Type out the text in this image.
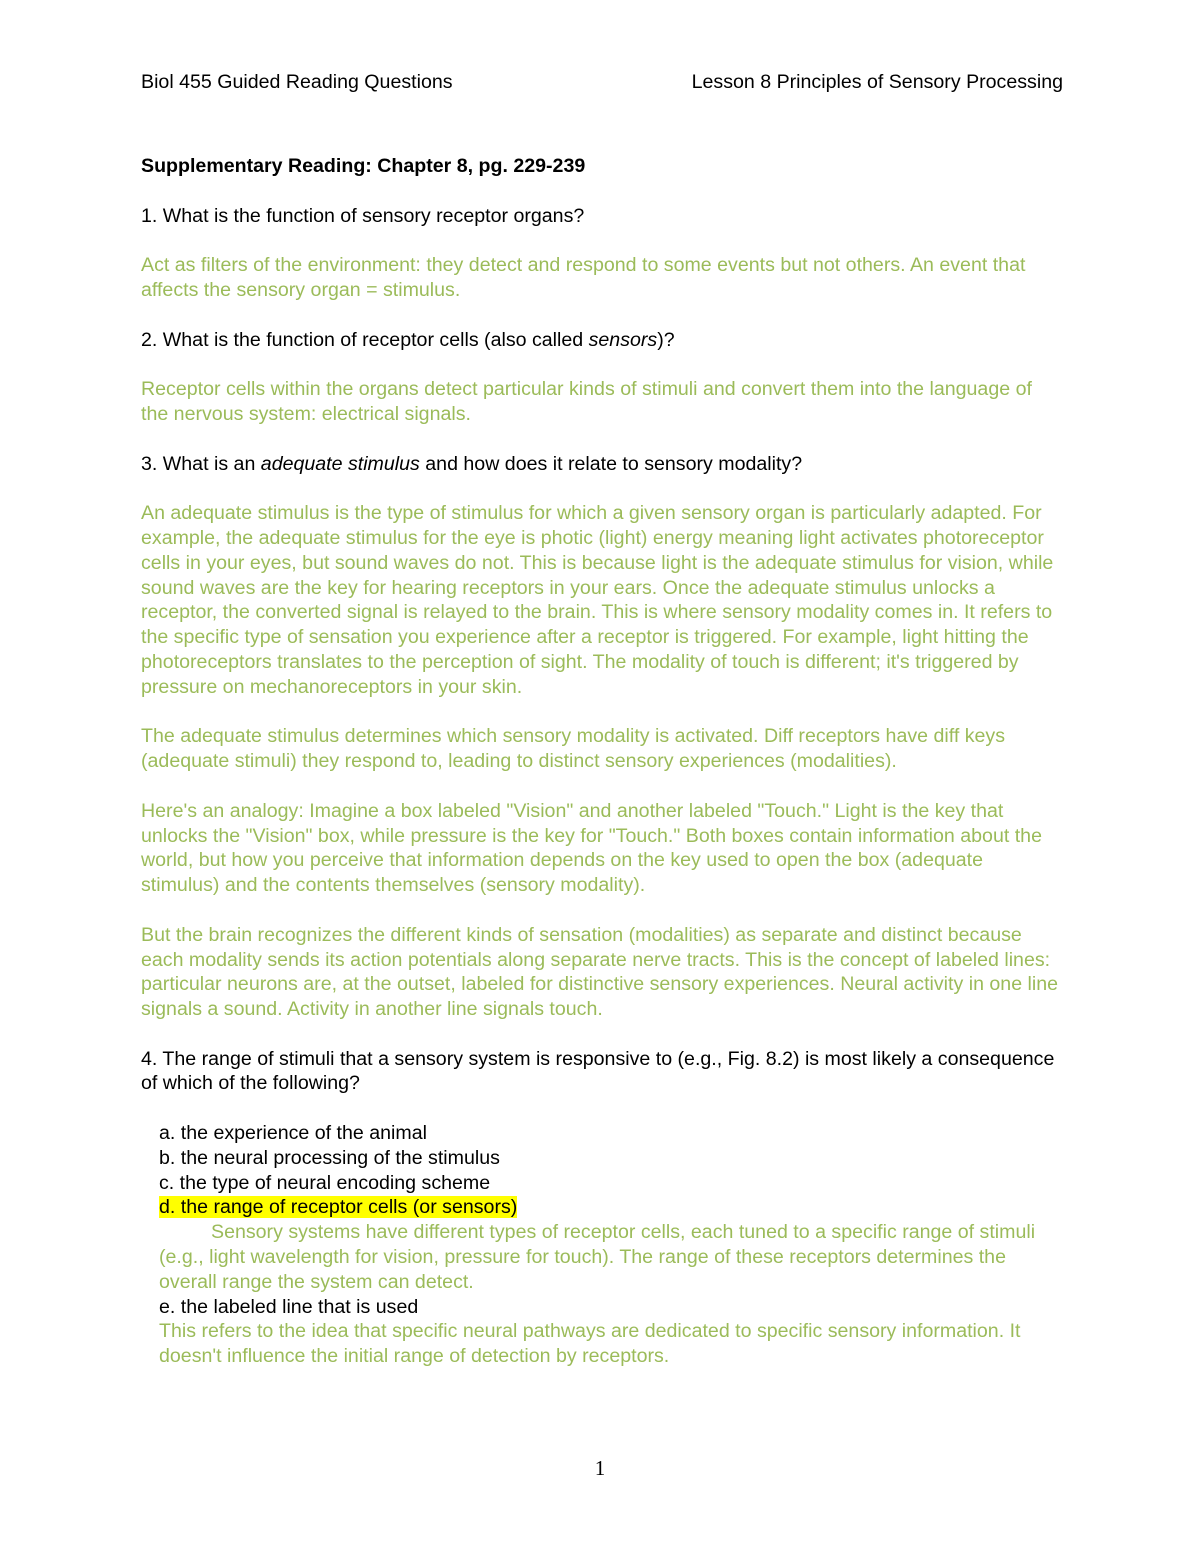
Biol 455 Guided Reading Questions	Lesson 8 Principles of Sensory Processing

Supplementary Reading: Chapter 8, pg. 229-239

1. What is the function of sensory receptor organs?

Act as filters of the environment: they detect and respond to some events but not others. An event that affects the sensory organ = stimulus.

2. What is the function of receptor cells (also called sensors)?

Receptor cells within the organs detect particular kinds of stimuli and convert them into the language of the nervous system: electrical signals.

3. What is an adequate stimulus and how does it relate to sensory modality?

An adequate stimulus is the type of stimulus for which a given sensory organ is particularly adapted. For example, the adequate stimulus for the eye is photic (light) energy meaning light activates photoreceptor cells in your eyes, but sound waves do not. This is because light is the adequate stimulus for vision, while sound waves are the key for hearing receptors in your ears. Once the adequate stimulus unlocks a receptor, the converted signal is relayed to the brain. This is where sensory modality comes in. It refers to the specific type of sensation you experience after a receptor is triggered. For example, light hitting the photoreceptors translates to the perception of sight. The modality of touch is different; it's triggered by pressure on mechanoreceptors in your skin.

The adequate stimulus determines which sensory modality is activated. Diff receptors have diff keys (adequate stimuli) they respond to, leading to distinct sensory experiences (modalities).

Here's an analogy: Imagine a box labeled "Vision" and another labeled "Touch." Light is the key that unlocks the "Vision" box, while pressure is the key for "Touch." Both boxes contain information about the world, but how you perceive that information depends on the key used to open the box (adequate stimulus) and the contents themselves (sensory modality).

But the brain recognizes the different kinds of sensation (modalities) as separate and distinct because each modality sends its action potentials along separate nerve tracts. This is the concept of labeled lines: particular neurons are, at the outset, labeled for distinctive sensory experiences. Neural activity in one line signals a sound. Activity in another line signals touch.

4. The range of stimuli that a sensory system is responsive to (e.g., Fig. 8.2) is most likely a consequence of which of the following?

a. the experience of the animal

b. the neural processing of the stimulus

c. the type of neural encoding scheme

d. the range of receptor cells (or sensors)

Sensory systems have different types of receptor cells, each tuned to a specific range of stimuli (e.g., light wavelength for vision, pressure for touch). The range of these receptors determines the overall range the system can detect.

e. the labeled line that is used

This refers to the idea that specific neural pathways are dedicated to specific sensory information. It doesn't influence the initial range of detection by receptors.

1
